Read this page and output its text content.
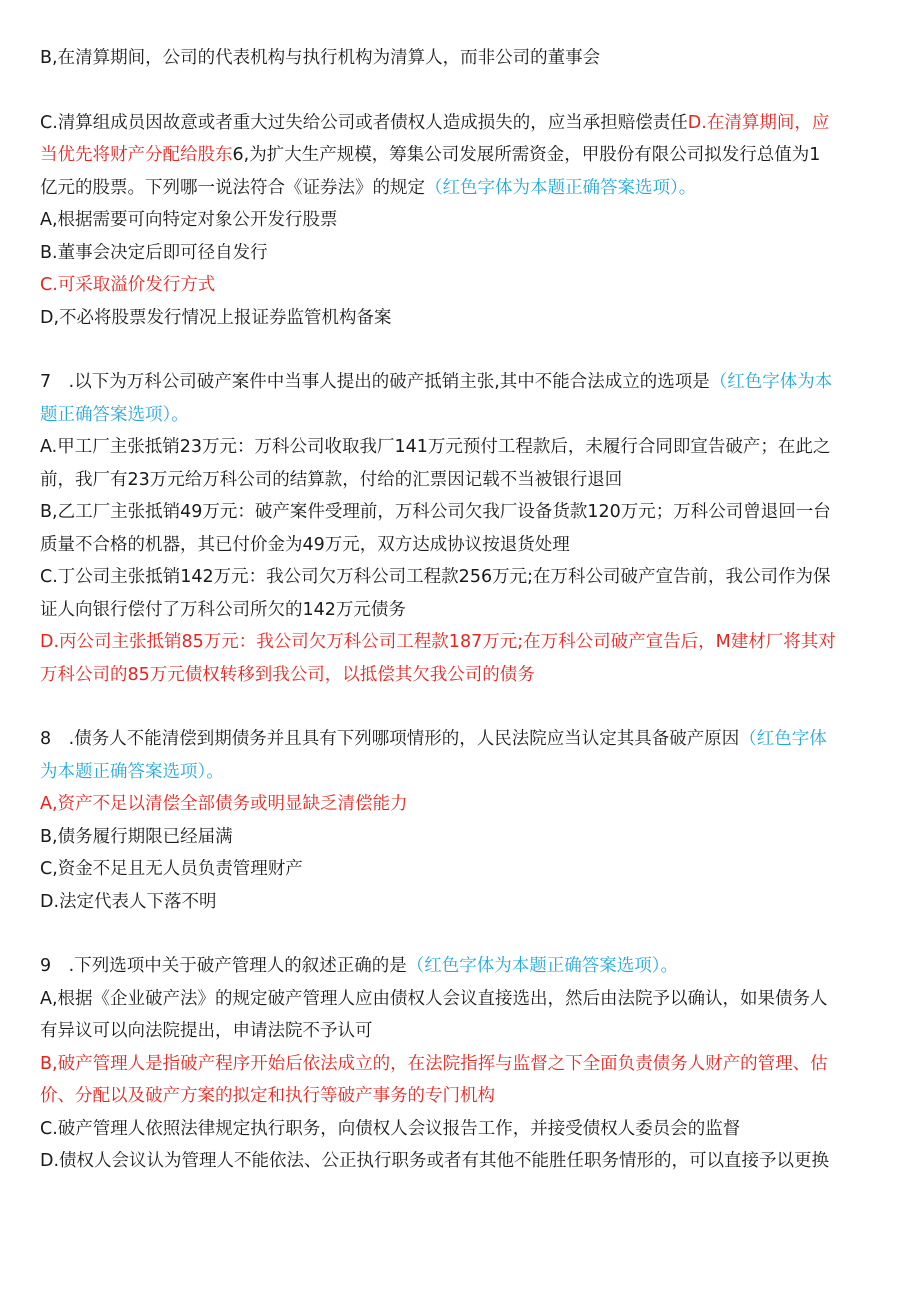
B,在清算期间，公司的代表机构与执行机构为清算人，而非公司的董事会
C.清算组成员因故意或者重大过失给公司或者债权人造成损失的，应当承担赔偿责任D.在清算期间，应
当优先将财产分配给股东6,为扩大生产规模，筹集公司发展所需资金，甲股份有限公司拟发行总值为1
亿元的股票。下列哪一说法符合《证券法》的规定（红色字体为本题正确答案选项）。
A,根据需要可向特定对象公开发行股票
B.董事会决定后即可径自发行
C.可采取溢价发行方式
D,不必将股票发行情况上报证券监管机构备案
7　.以下为万科公司破产案件中当事人提出的破产抵销主张,其中不能合法成立的选项是（红色字体为本
题正确答案选项）。
A.甲工厂主张抵销23万元：万科公司收取我厂141万元预付工程款后，未履行合同即宣告破产；在此之
前，我厂有23万元给万科公司的结算款，付给的汇票因记载不当被银行退回
B,乙工厂主张抵销49万元：破产案件受理前，万科公司欠我厂设备货款120万元；万科公司曾退回一台
质量不合格的机器，其已付价金为49万元，双方达成协议按退货处理
C.丁公司主张抵销142万元：我公司欠万科公司工程款256万元;在万科公司破产宣告前，我公司作为保
证人向银行偿付了万科公司所欠的142万元债务
D.丙公司主张抵销85万元：我公司欠万科公司工程款187万元;在万科公司破产宣告后，M建材厂将其对
万科公司的85万元债权转移到我公司，以抵偿其欠我公司的债务
8　.债务人不能清偿到期债务并且具有下列哪项情形的，人民法院应当认定其具备破产原因（红色字体
为本题正确答案选项）。
A,资产不足以清偿全部债务或明显缺乏清偿能力
B,债务履行期限已经届满
C,资金不足且无人员负责管理财产
D.法定代表人下落不明
9　.下列选项中关于破产管理人的叙述正确的是（红色字体为本题正确答案选项）。
A,根据《企业破产法》的规定破产管理人应由债权人会议直接选出，然后由法院予以确认，如果债务人
有异议可以向法院提出，申请法院不予认可
B,破产管理人是指破产程序开始后依法成立的，在法院指挥与监督之下全面负责债务人财产的管理、估
价、分配以及破产方案的拟定和执行等破产事务的专门机构
C.破产管理人依照法律规定执行职务，向债权人会议报告工作，并接受债权人委员会的监督
D.债权人会议认为管理人不能依法、公正执行职务或者有其他不能胜任职务情形的，可以直接予以更换
